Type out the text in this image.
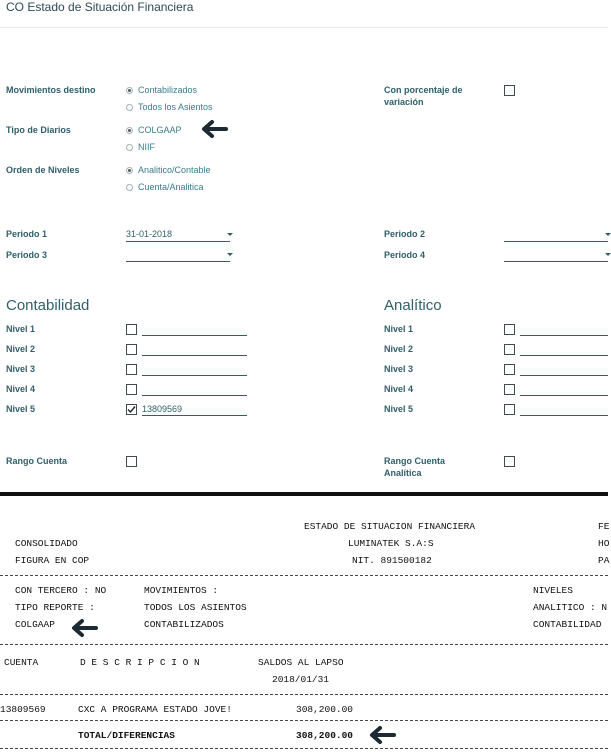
CO Estado de Situación Financiera
Movimientos destino	Contabilizados
Todos los Asientos
Tipo de Diarios	COLGAAP
NIIF
Orden de Niveles	Analitico/Contable
Cuenta/Analitica
Con porcentaje de variación
Periodo 1	31-01-2018
Periodo 3
Periodo 2
Periodo 4
Contabilidad
Nivel 1
Nivel 2
Nivel 3
Nivel 4
Nivel 5	13809569
Analítico
Nivel 1
Nivel 2
Nivel 3
Nivel 4
Nivel 5
Rango Cuenta	Rango Cuenta Analítica
ESTADO DE SITUACION FINANCIERA
LUMINATEK S.A:S
NIT. 891500182
CONSOLIDADO
FIGURA EN COP
FE
HO
PA
CON TERCERO : NO
TIPO REPORTE :
COLGAAP
MOVIMIENTOS :
TODOS LOS ASIENTOS
CONTABILIZADOS
NIVELES
ANALITICO : N
CONTABILIDAD
CUENTA	D E S C R I P C I O N	SALDOS AL LAPSO
2018/01/31
13809569	CXC A PROGRAMA ESTADO JOVE!	308,200.00
TOTAL/DIFERENCIAS	308,200.00
